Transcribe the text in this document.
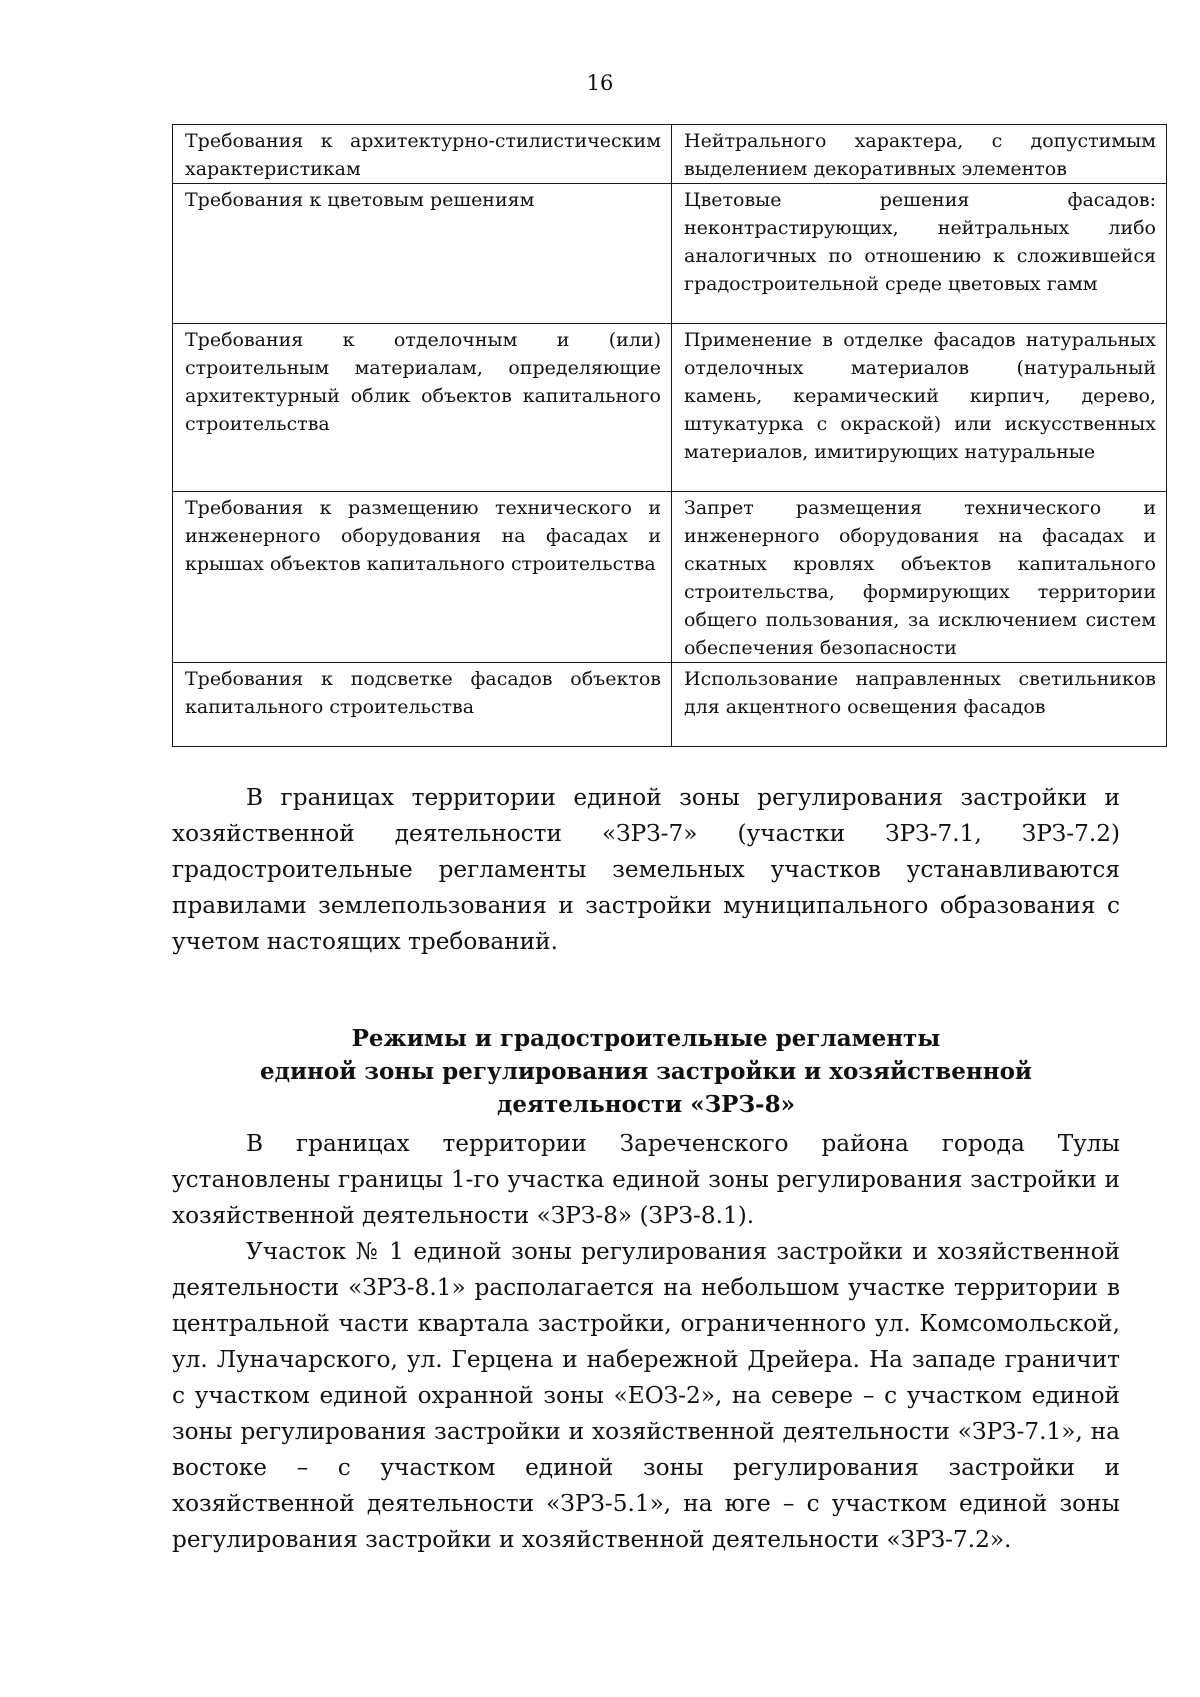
16
Требования к архитектурно-стилистическим характеристикам	Нейтрального характера, с допустимым выделением декоративных элементов
Требования к цветовым решениям	Цветовые решения фасадов: неконтрастирующих, нейтральных либо аналогичных по отношению к сложившейся градостроительной среде цветовых гамм
Требования к отделочным и (или) строительным материалам, определяющие архитектурный облик объектов капитального строительства	Применение в отделке фасадов натуральных отделочных материалов (натуральный камень, керамический кирпич, дерево, штукатурка с окраской) или искусственных материалов, имитирующих натуральные
Требования к размещению технического и инженерного оборудования на фасадах и крышах объектов капитального строительства	Запрет размещения технического и инженерного оборудования на фасадах и скатных кровлях объектов капитального строительства, формирующих территории общего пользования, за исключением систем обеспечения безопасности
Требования к подсветке фасадов объектов капитального строительства	Использование направленных светильников для акцентного освещения фасадов

В границах территории единой зоны регулирования застройки и хозяйственной деятельности «ЗРЗ-7» (участки ЗРЗ-7.1, ЗРЗ-7.2) градостроительные регламенты земельных участков устанавливаются правилами землепользования и застройки муниципального образования с учетом настоящих требований.

Режимы и градостроительные регламенты
единой зоны регулирования застройки и хозяйственной
деятельности «ЗРЗ-8»

В границах территории Зареченского района города Тулы установлены границы 1-го участка единой зоны регулирования застройки и хозяйственной деятельности «ЗРЗ-8» (ЗРЗ-8.1).

Участок № 1 единой зоны регулирования застройки и хозяйственной деятельности «ЗРЗ-8.1» располагается на небольшом участке территории в центральной части квартала застройки, ограниченного ул. Комсомольской, ул. Луначарского, ул. Герцена и набережной Дрейера. На западе граничит с участком единой охранной зоны «ЕОЗ-2», на севере – с участком единой зоны регулирования застройки и хозяйственной деятельности «ЗРЗ-7.1», на востоке – с участком единой зоны регулирования застройки и хозяйственной деятельности «ЗРЗ-5.1», на юге – с участком единой зоны регулирования застройки и хозяйственной деятельности «ЗРЗ-7.2».
